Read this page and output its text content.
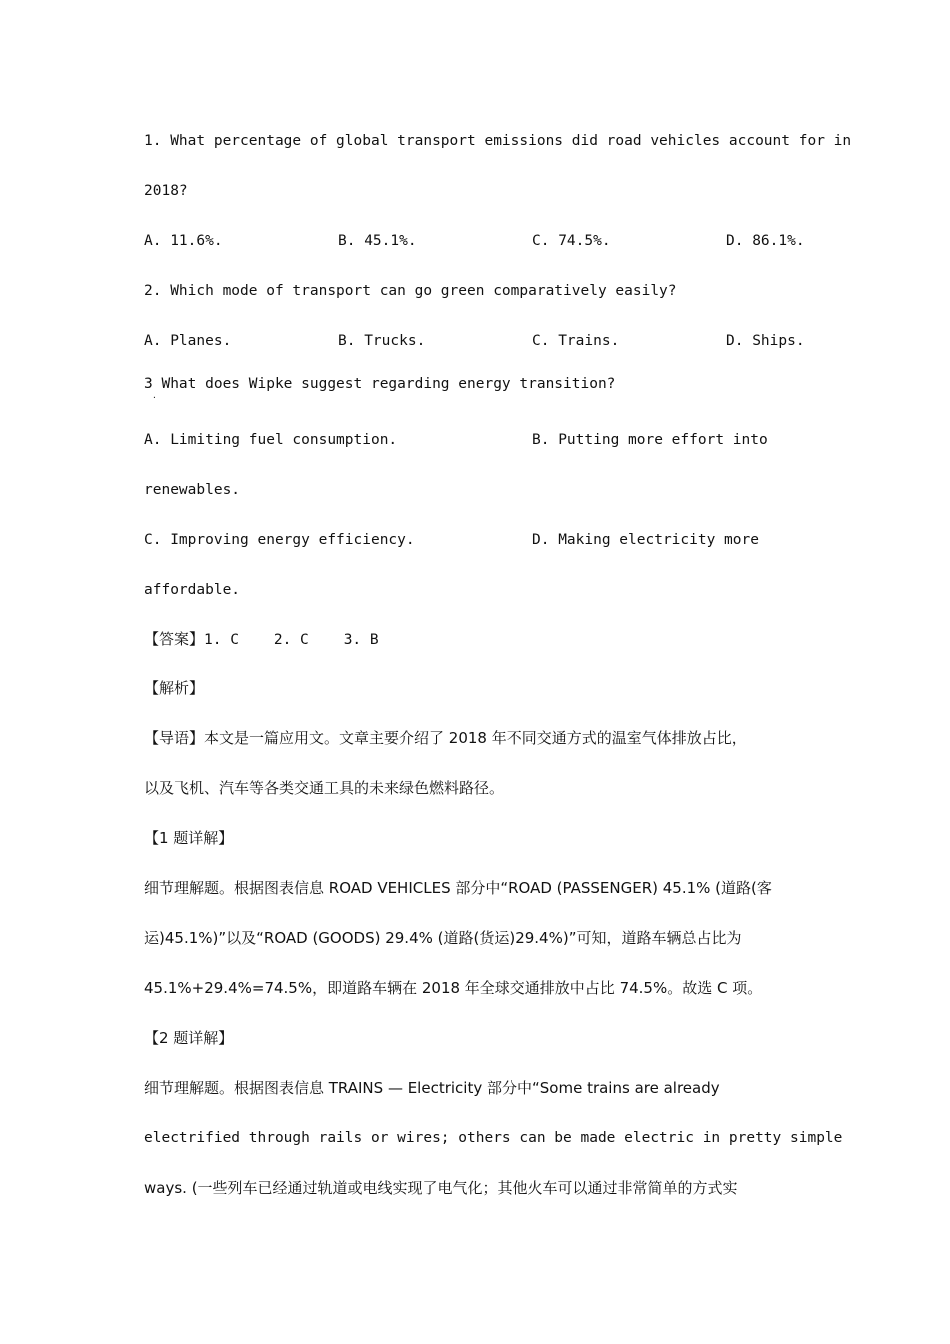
1. What percentage of global transport emissions did road vehicles account for in
2018?
A. 11.6%.	B. 45.1%.	C. 74.5%.	D. 86.1%.
2. Which mode of transport can go green comparatively easily?
A. Planes.	B. Trucks.	C. Trains.	D. Ships.
3 What does Wipke suggest regarding energy transition?
·
A. Limiting fuel consumption.	B. Putting more effort into
renewables.
C. Improving energy efficiency.	D. Making electricity more
affordable.
【答案】1. C    2. C    3. B
【解析】
【导语】本文是一篇应用文。文章主要介绍了 2018 年不同交通方式的温室气体排放占比，
以及飞机、汽车等各类交通工具的未来绿色燃料路径。
【1 题详解】
细节理解题。根据图表信息 ROAD VEHICLES 部分中“ROAD (PASSENGER) 45.1% (道路(客
运)45.1%)”以及“ROAD (GOODS) 29.4% (道路(货运)29.4%)”可知，道路车辆总占比为
45.1%+29.4%=74.5%，即道路车辆在 2018 年全球交通排放中占比 74.5%。故选 C 项。
【2 题详解】
细节理解题。根据图表信息 TRAINS — Electricity 部分中“Some trains are already
electrified through rails or wires; others can be made electric in pretty simple
ways. (一些列车已经通过轨道或电线实现了电气化；其他火车可以通过非常简单的方式实
